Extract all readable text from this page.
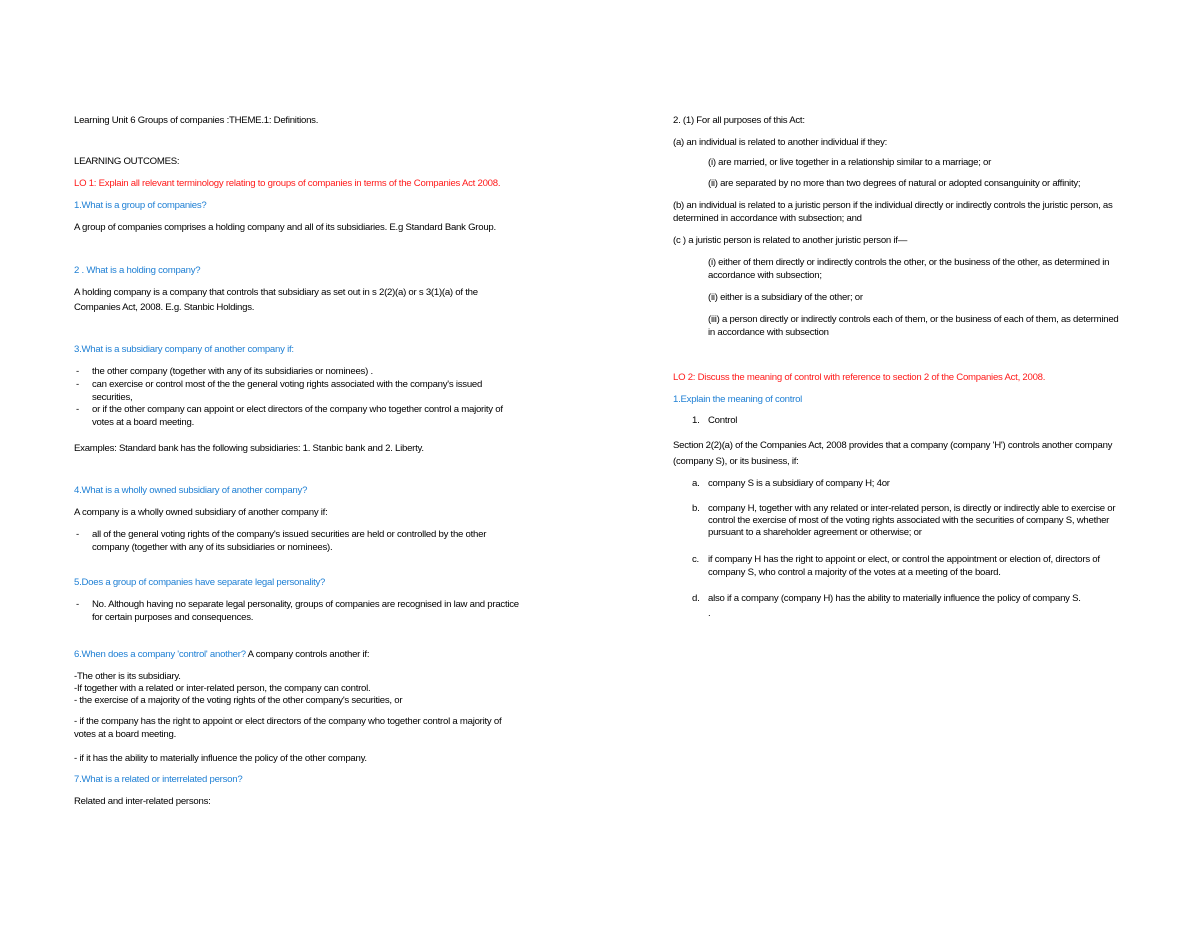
Learning Unit 6 Groups of companies :THEME.1: Definitions.
LEARNING OUTCOMES:
LO 1: Explain all relevant terminology relating to groups of companies in terms of the Companies Act 2008.
1.What is a group of companies?
A group of companies comprises a holding company and all of its subsidiaries. E.g Standard Bank Group.
2 . What is a holding company?
A holding company is a company that controls that subsidiary as set out in s 2(2)(a) or s 3(1)(a) of the
Companies Act, 2008. E.g. Stanbic Holdings.
3.What is a subsidiary company of another company if:
- the other company (together with any of its subsidiaries or nominees) .
- can exercise or control most of the the general voting rights associated with the company's issued
securities,
- or if the other company can appoint or elect directors of the company who together control a majority of
votes at a board meeting.
Examples: Standard bank has the following subsidiaries: 1. Stanbic bank and 2. Liberty.
4.What is a wholly owned subsidiary of another company?
A company is a wholly owned subsidiary of another company if:
- all of the general voting rights of the company's issued securities are held or controlled by the other
company (together with any of its subsidiaries or nominees).
5.Does a group of companies have separate legal personality?
- No. Although having no separate legal personality, groups of companies are recognised in law and practice
for certain purposes and consequences.
-The other is its subsidiary.
-If together with a related or inter-related person, the company can control.
- the exercise of a majority of the voting rights of the other company's securities, or
- if the company has the right to appoint or elect directors of the company who together control a majority of
votes at a board meeting.
- if it has the ability to materially influence the policy of the other company.
7.What is a related or interrelated person?
Related and inter-related persons:
2. (1) For all purposes of this Act:
(a) an individual is related to another individual if they:
(i) are married, or live together in a relationship similar to a marriage; or
(ii) are separated by no more than two degrees of natural or adopted consanguinity or affinity;
(b) an individual is related to a juristic person if the individual directly or indirectly controls the juristic person, as
determined in accordance with subsection; and
(c ) a juristic person is related to another juristic person if—
(i) either of them directly or indirectly controls the other, or the business of the other, as determined in
accordance with subsection;
(ii) either is a subsidiary of the other; or
(iii) a person directly or indirectly controls each of them, or the business of each of them, as determined
in accordance with subsection
LO 2: Discuss the meaning of control with reference to section 2 of the Companies Act, 2008.
1.Explain the meaning of control
1. Control
Section 2(2)(a) of the Companies Act, 2008 provides that a company (company 'H') controls another company
(company S), or its business, if:
.
a. company S is a subsidiary of company H; 4or
b. company H, together with any related or inter-related person, is directly or indirectly able to exercise or
control the exercise of most of the voting rights associated with the securities of company S, whether
pursuant to a shareholder agreement or otherwise; or
c. if company H has the right to appoint or elect, or control the appointment or election of, directors of
company S, who control a majority of the votes at a meeting of the board.
d. also if a company (company H) has the ability to materially influence the policy of company S.
6.When does a company 'control' another? A company controls another if:
